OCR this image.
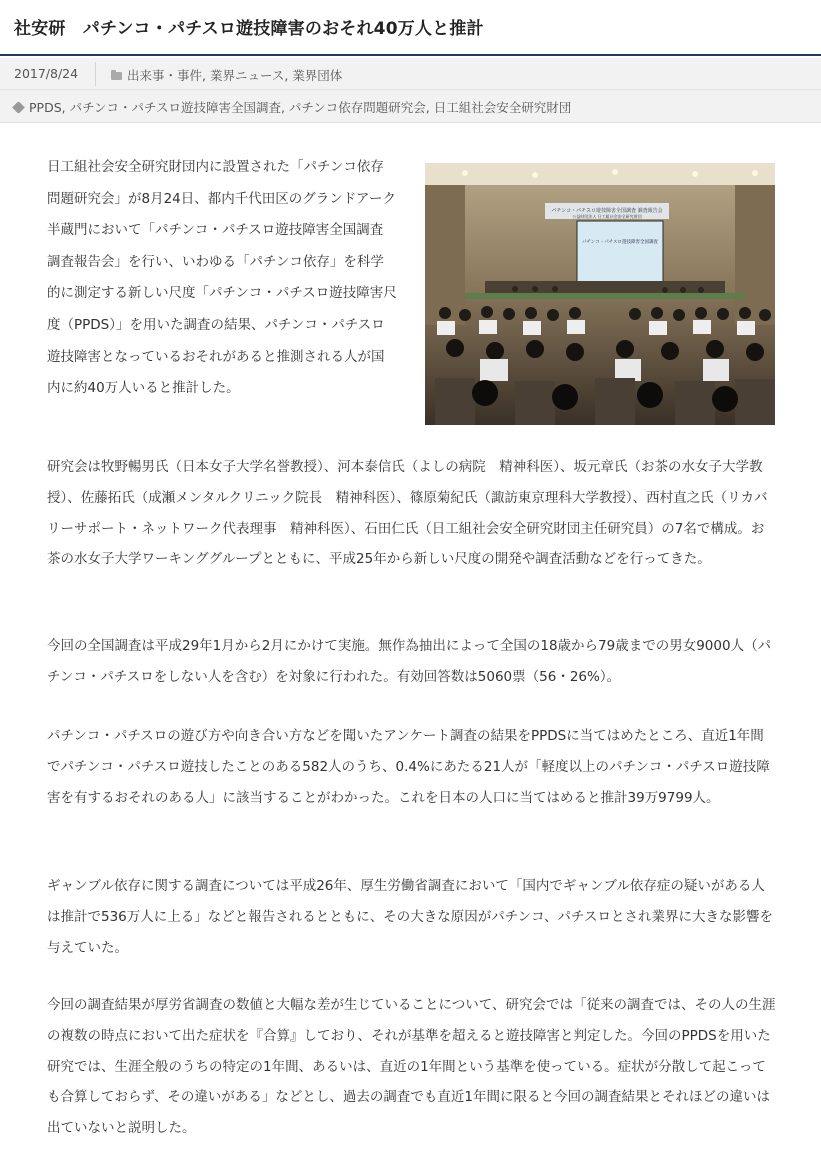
社安研　パチンコ・パチスロ遊技障害のおそれ40万人と推計
2017/8/24	出来事・事件, 業界ニュース, 業界団体
PPDS, パチンコ・パチスロ遊技障害全国調査, パチンコ依存問題研究会, 日工組社会安全研究財団

日工組社会安全研究財団内に設置された「パチンコ依存問題研究会」が8月24日、都内千代田区のグランドアーク半蔵門において「パチンコ・パチスロ遊技障害全国調査　調査報告会」を行い、いわゆる「パチンコ依存」を科学的に測定する新しい尺度「パチンコ・パチスロ遊技障害尺度（PPDS）」を用いた調査の結果、パチンコ・パチスロ遊技障害となっているおそれがあると推測される人が国内に約40万人いると推計した。

研究会は牧野暢男氏（日本女子大学名誉教授）、河本泰信氏（よしの病院　精神科医）、坂元章氏（お茶の水女子大学教授）、佐藤拓氏（成瀬メンタルクリニック院長　精神科医）、篠原菊紀氏（諏訪東京理科大学教授）、西村直之氏（リカバリーサポート・ネットワーク代表理事　精神科医）、石田仁氏（日工組社会安全研究財団主任研究員）の7名で構成。お茶の水女子大学ワーキンググループとともに、平成25年から新しい尺度の開発や調査活動などを行ってきた。

今回の全国調査は平成29年1月から2月にかけて実施。無作為抽出によって全国の18歳から79歳までの男女9000人（パチンコ・パチスロをしない人を含む）を対象に行われた。有効回答数は5060票（56・26%）。

パチンコ・パチスロの遊び方や向き合い方などを聞いたアンケート調査の結果をPPDSに当てはめたところ、直近1年間でパチンコ・パチスロ遊技したことのある582人のうち、0.4%にあたる21人が「軽度以上のパチンコ・パチスロ遊技障害を有するおそれのある人」に該当することがわかった。これを日本の人口に当てはめると推計39万9799人。

ギャンブル依存に関する調査については平成26年、厚生労働省調査において「国内でギャンブル依存症の疑いがある人は推計で536万人に上る」などと報告されるとともに、その大きな原因がパチンコ、パチスロとされ業界に大きな影響を与えていた。

今回の調査結果が厚労省調査の数値と大幅な差が生じていることについて、研究会では「従来の調査では、その人の生涯の複数の時点において出た症状を『合算』しており、それが基準を超えると遊技障害と判定した。今回のPPDSを用いた研究では、生涯全般のうちの特定の1年間、あるいは、直近の1年間という基準を使っている。症状が分散して起こっても合算しておらず、その違いがある」などとし、過去の調査でも直近1年間に限ると今回の調査結果とそれほどの違いは出ていないと説明した。

パチンコ・パチスロ遊技障害全国調査 調査報告会
公益財団法人 日工組社会安全研究財団
パチンコ・パチスロ遊技障害全国調査
